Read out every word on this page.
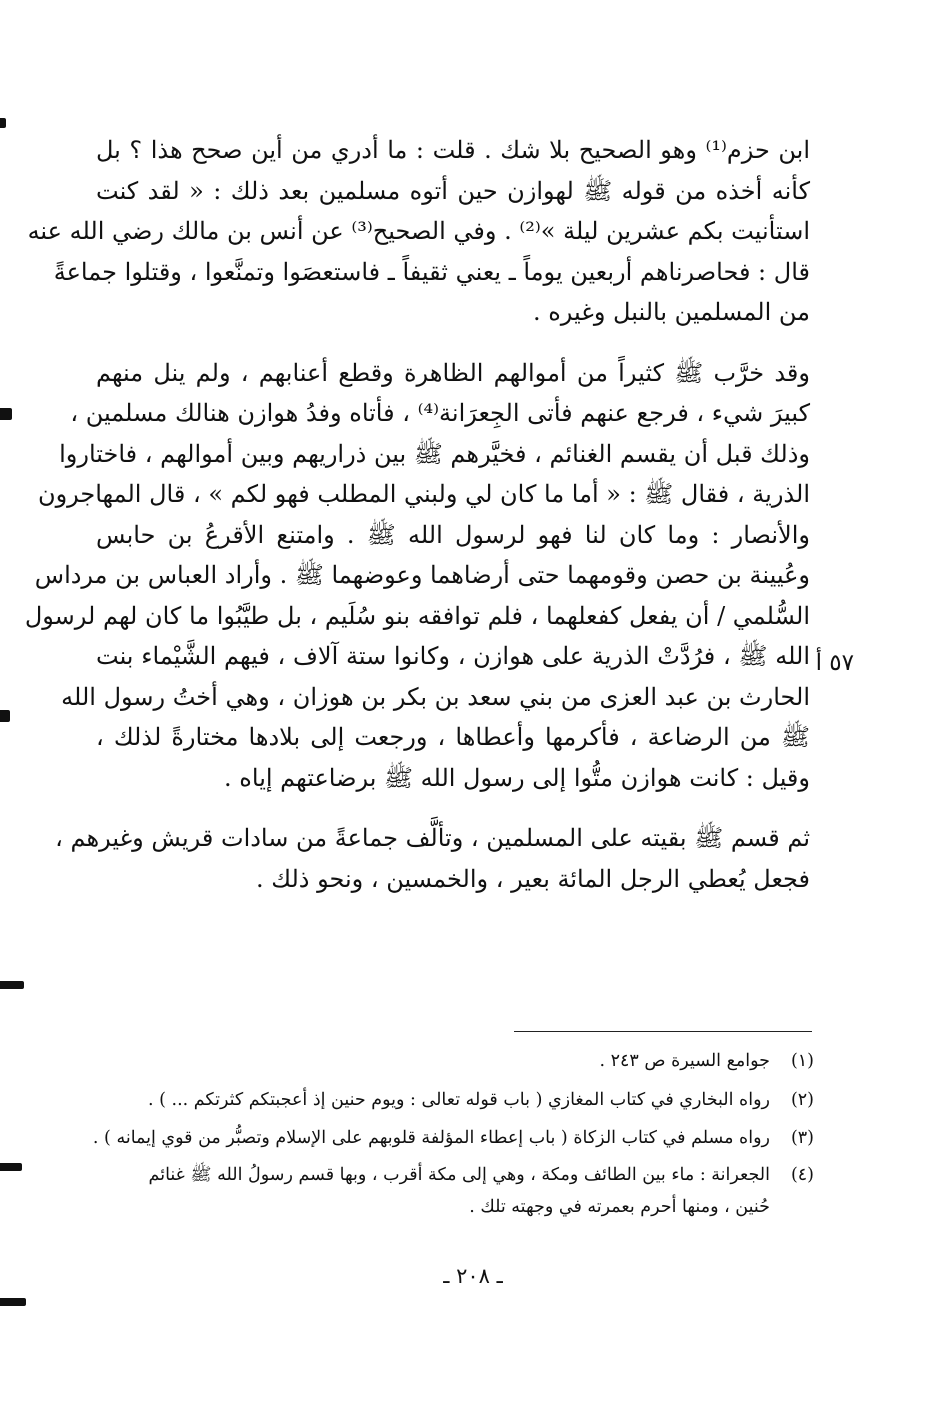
ابن حزم⁽¹⁾ وهو الصحيح بلا شك . قلت : ما أدري من أين صحح هذا ؟ بل
كأنه أخذه من قوله ﷺ لهوازن حين أتوه مسلمين بعد ذلك : « لقد كنت
استأنيت بكم عشرين ليلة »⁽²⁾ . وفي الصحيح⁽³⁾ عن أنس بن مالك رضي الله عنه
قال : فحاصرناهم أربعين يوماً ـ يعني ثقيفاً ـ فاستعصَوا وتمنَّعوا ، وقتلوا جماعةً
من المسلمين بالنبل وغيره .

وقد خرَّب ﷺ كثيراً من أموالهم الظاهرة وقطع أعنابهم ، ولم ينل منهم
كبيرَ شيء ، فرجع عنهم فأتى الجِعرَانة⁽⁴⁾ ، فأتاه وفدُ هوازن هنالك مسلمين ،
وذلك قبل أن يقسم الغنائم ، فخيَّرهم ﷺ بين ذراريهم وبين أموالهم ، فاختاروا
الذرية ، فقال ﷺ : « أما ما كان لي ولبني المطلب فهو لكم » ، قال المهاجرون
والأنصار : وما كان لنا فهو لرسول الله ﷺ . وامتنع الأقرعُ بن حابس
وعُيينة بن حصن وقومهما حتى أرضاهما وعوضهما ﷺ . وأراد العباس بن مرداس
السُّلمي / أن يفعل كفعلهما ، فلم توافقه بنو سُلَيم ، بل طيَّبُوا ما كان لهم لرسول
الله ﷺ ، فرُدَّتْ الذرية على هوازن ، وكانوا ستة آلاف ، فيهم الشَّيْماء بنت
الحارث بن عبد العزى من بني سعد بن بكر بن هوزان ، وهي أختُ رسول الله
ﷺ من الرضاعة ، فأكرمها وأعطاها ، ورجعت إلى بلادها مختارةً لذلك ،
وقيل : كانت هوازن متُّوا إلى رسول الله ﷺ برضاعتهم إياه .

ثم قسم ﷺ بقيته على المسلمين ، وتألَّف جماعةً من سادات قريش وغيرهم ،
فجعل يُعطي الرجل المائة بعير ، والخمسين ، ونحو ذلك .

٥٧ أ
(١)جوامع السيرة ص ٢٤٣ .
(٢)رواه البخاري في كتاب المغازي ( باب قوله تعالى : ويوم حنين إذ أعجبتكم كثرتكم ... ) .
(٣)رواه مسلم في كتاب الزكاة ( باب إعطاء المؤلفة قلوبهم على الإسلام وتصبُّر من قوي إيمانه ) .
(٤)الجعرانة : ماء بين الطائف ومكة ، وهي إلى مكة أقرب ، وبها قسم رسولُ الله ﷺ غنائم
حُنين ، ومنها أحرم بعمرته في وجهته تلك .
ـ ٢٠٨ ـ
